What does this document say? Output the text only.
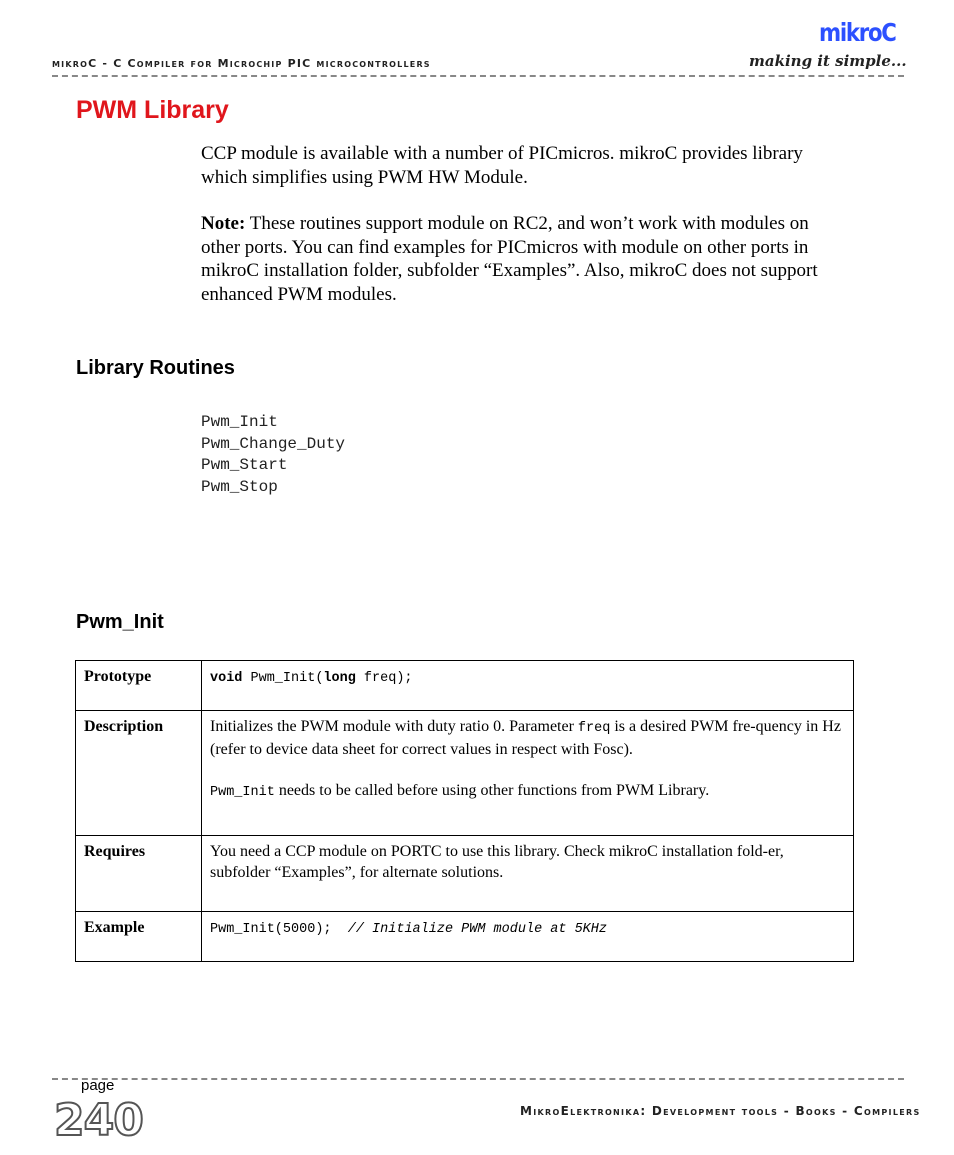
mikroC - C Compiler for Microchip PIC microcontrollers
mikroC
making it simple...
PWM Library

CCP module is available with a number of PICmicros. mikroC provides library which simplifies using PWM HW Module.

Note: These routines support module on RC2, and won’t work with modules on other ports. You can find examples for PICmicros with module on other ports in mikroC installation folder, subfolder “Examples”. Also, mikroC does not support enhanced PWM modules.

Library Routines
Pwm_Init
Pwm_Change_Duty
Pwm_Start
Pwm_Stop
Pwm_Init
Prototype	void Pwm_Init(long freq);
Description	Initializes the PWM module with duty ratio 0. Parameter freq is a desired PWM fre-quency in Hz (refer to device data sheet for correct values in respect with Fosc).

Pwm_Init needs to be called before using other functions from PWM Library.

Requires	You need a CCP module on PORTC to use this library. Check mikroC installation fold-er, subfolder “Examples”, for alternate solutions.
Example	Pwm_Init(5000);  // Initialize PWM module at 5KHz
page
240	MikroElektronika: Development tools - Books - Compilers
